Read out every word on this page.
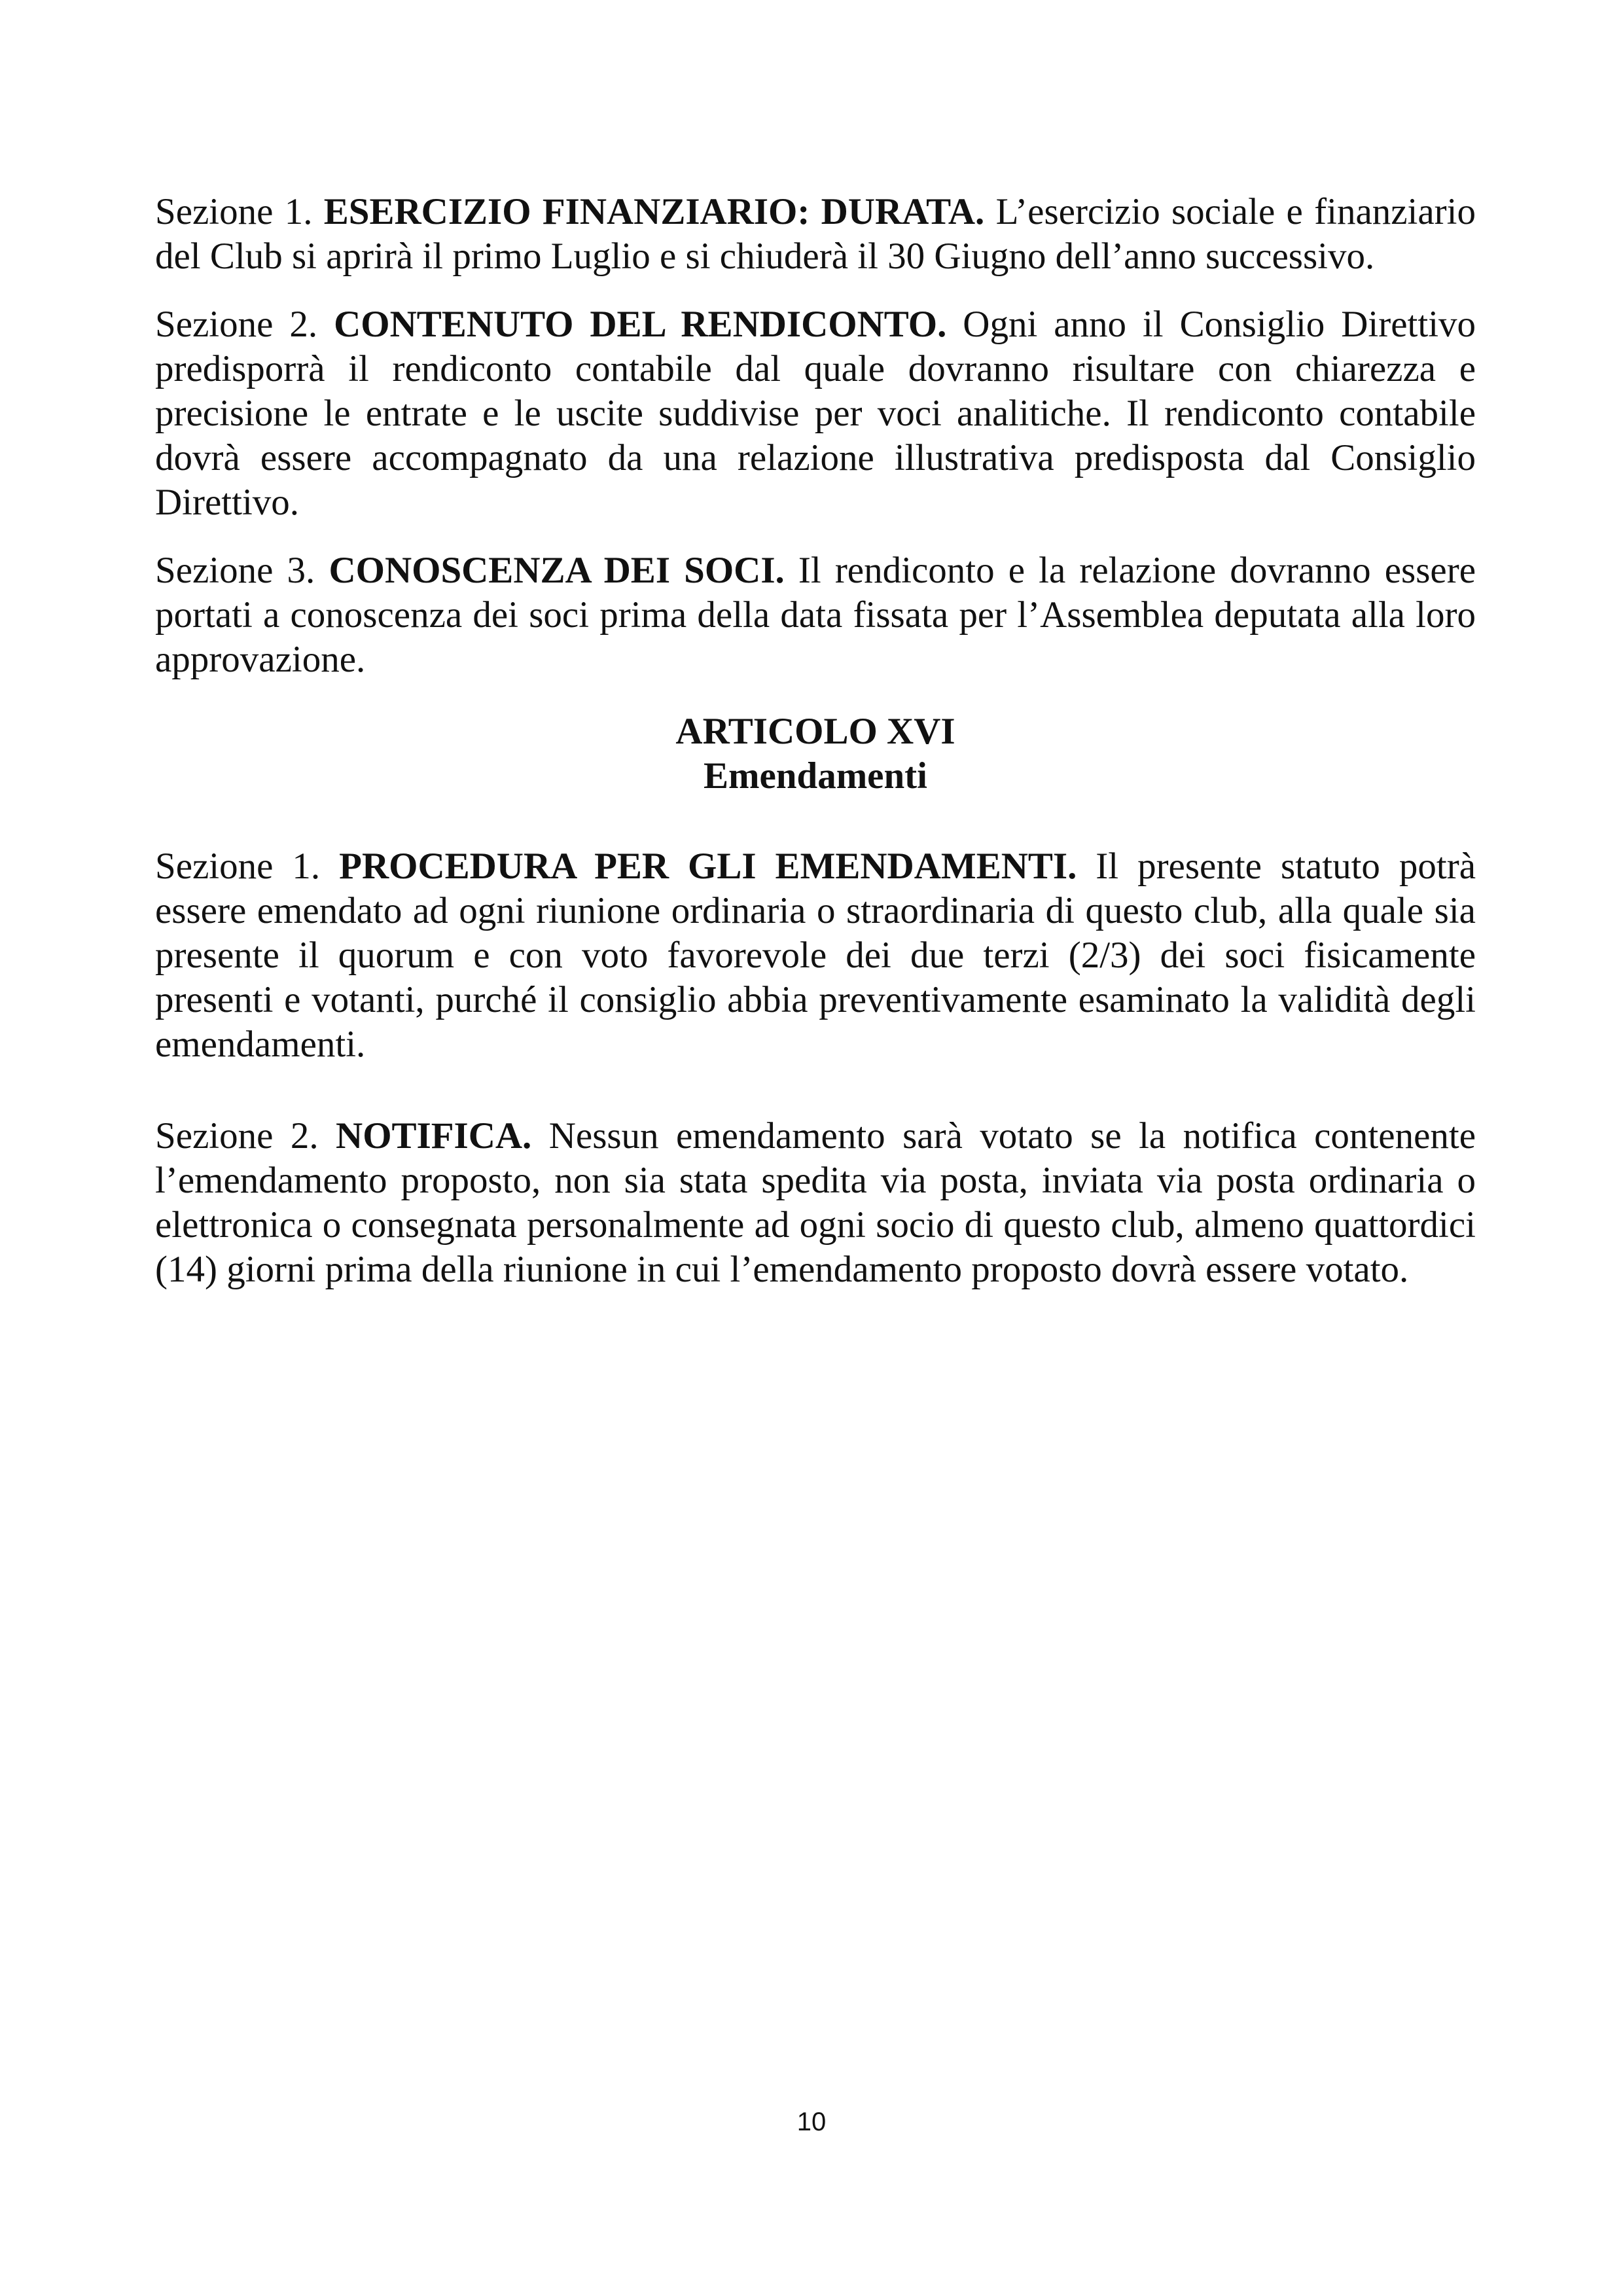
Sezione 1. ESERCIZIO FINANZIARIO: DURATA. L’esercizio sociale e finanziario del Club si aprirà il primo Luglio e si chiuderà il 30 Giugno dell’anno successivo.

Sezione 2. CONTENUTO DEL RENDICONTO. Ogni anno il Consiglio Direttivo predisporrà il rendiconto contabile dal quale dovranno risultare con chiarezza e precisione le entrate e le uscite suddivise per voci analitiche. Il rendiconto contabile dovrà essere accompagnato da una relazione illustrativa predisposta dal Consiglio Direttivo.

Sezione 3. CONOSCENZA DEI SOCI. Il rendiconto e la relazione dovranno essere portati a conoscenza dei soci prima della data fissata per l’Assemblea deputata alla loro approvazione.

ARTICOLO XVI
Emendamenti

Sezione 1. PROCEDURA PER GLI EMENDAMENTI. Il presente statuto potrà essere emendato ad ogni riunione ordinaria o straordinaria di questo club, alla quale sia presente il quorum e con voto favorevole dei due terzi (2/3) dei soci fisicamente presenti e votanti, purché il consiglio abbia preventivamente esaminato la validità degli emendamenti.

Sezione 2. NOTIFICA. Nessun emendamento sarà votato se la notifica contenente l’emendamento proposto, non sia stata spedita via posta, inviata via posta ordinaria o elettronica o consegnata personalmente ad ogni socio di questo club, almeno quattordici (14) giorni prima della riunione in cui l’emendamento proposto dovrà essere votato.

10
